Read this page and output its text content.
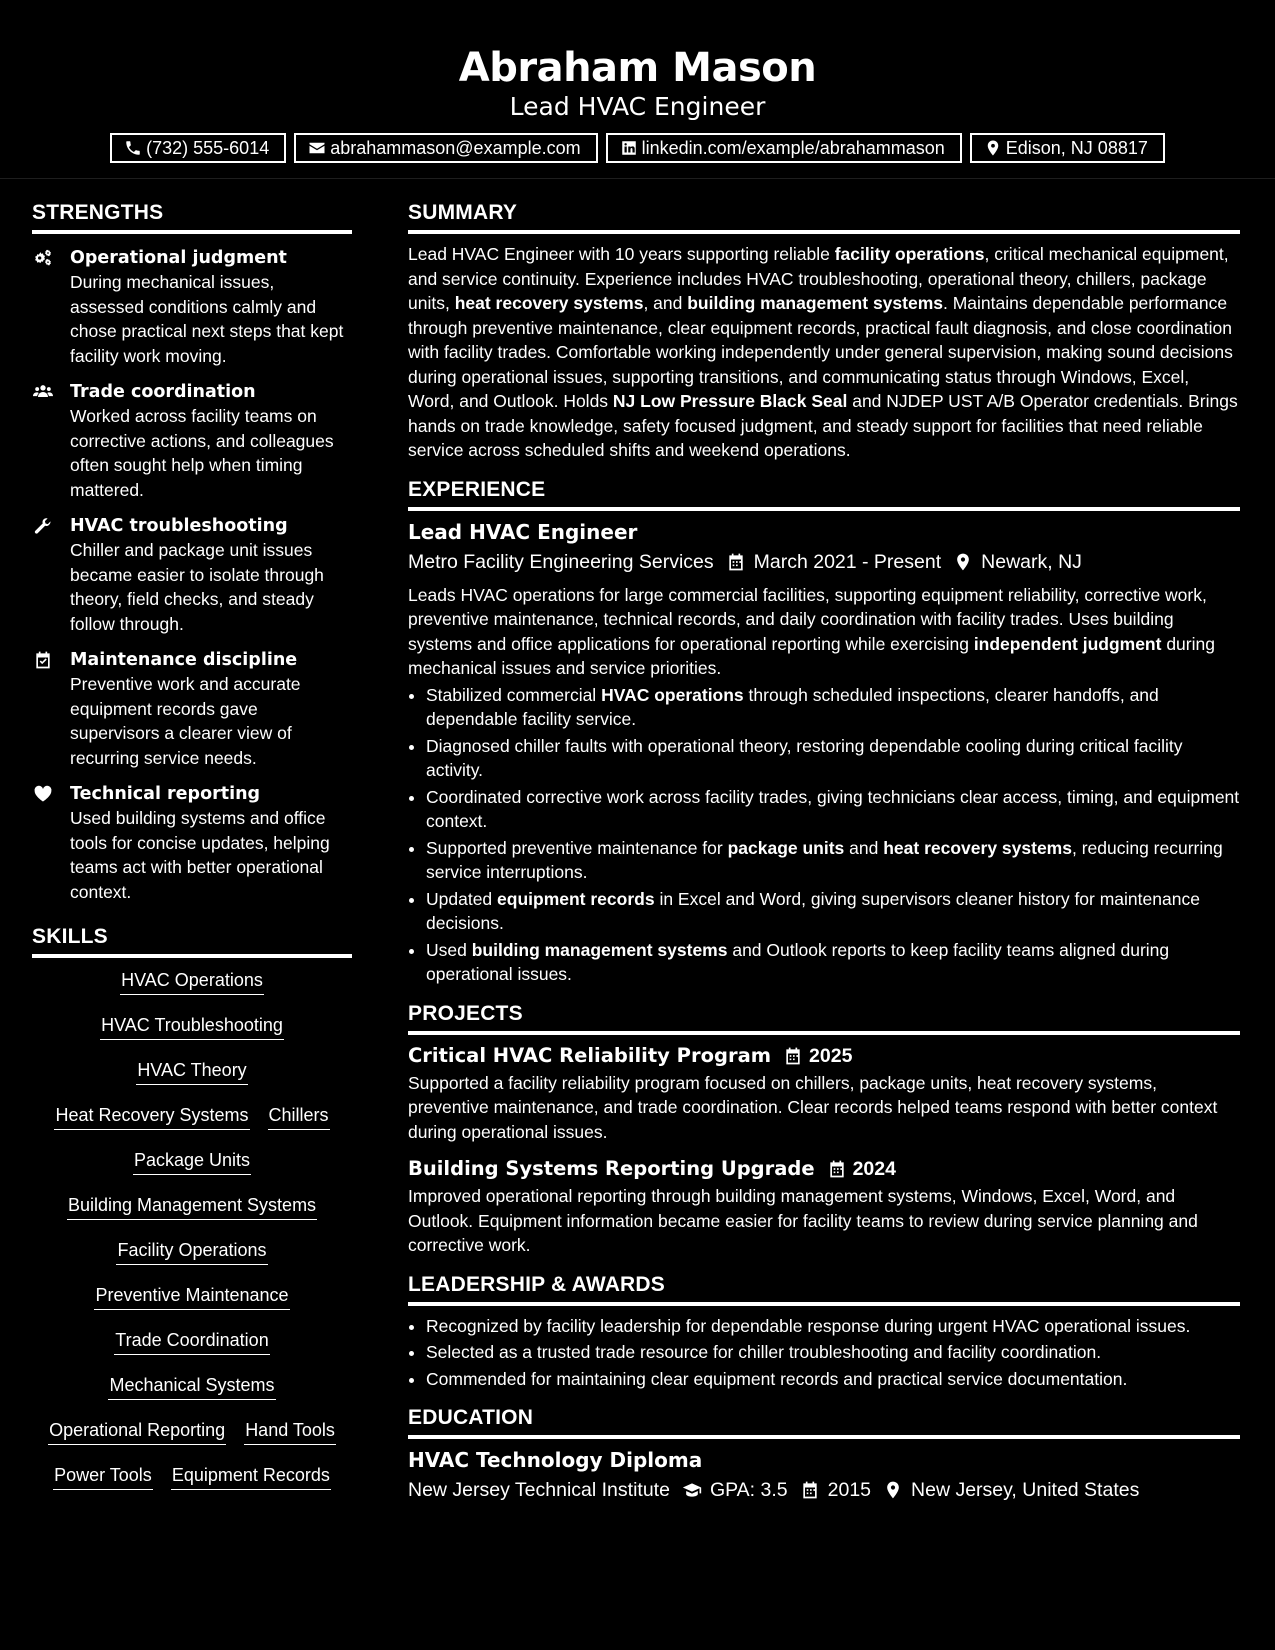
Abraham Mason
Lead HVAC Engineer
(732) 555-6014	abrahammason@example.com	linkedin.com/example/abrahammason	Edison, NJ 08817
STRENGTHS
Operational judgment
During mechanical issues, assessed conditions calmly and chose practical next steps that kept facility work moving.
Trade coordination
Worked across facility teams on corrective actions, and colleagues often sought help when timing mattered.
HVAC troubleshooting
Chiller and package unit issues became easier to isolate through theory, field checks, and steady follow through.
Maintenance discipline
Preventive work and accurate equipment records gave supervisors a clearer view of recurring service needs.
Technical reporting
Used building systems and office tools for concise updates, helping teams act with better operational context.
SKILLS
HVAC Operations
HVAC Troubleshooting
HVAC Theory
Heat Recovery Systems Chillers
Package Units
Building Management Systems
Facility Operations
Preventive Maintenance
Trade Coordination
Mechanical Systems
Operational Reporting Hand Tools
Power Tools Equipment Records
SUMMARY
Lead HVAC Engineer with 10 years supporting reliable facility operations, critical mechanical equipment, and service continuity. Experience includes HVAC troubleshooting, operational theory, chillers, package units, heat recovery systems, and building management systems. Maintains dependable performance through preventive maintenance, clear equipment records, practical fault diagnosis, and close coordination with facility trades. Comfortable working independently under general supervision, making sound decisions during operational issues, supporting transitions, and communicating status through Windows, Excel, Word, and Outlook. Holds NJ Low Pressure Black Seal and NJDEP UST A/B Operator credentials. Brings hands on trade knowledge, safety focused judgment, and steady support for facilities that need reliable service across scheduled shifts and weekend operations.
EXPERIENCE
Lead HVAC Engineer
Metro Facility Engineering Services March 2021 - Present Newark, NJ
Leads HVAC operations for large commercial facilities, supporting equipment reliability, corrective work, preventive maintenance, technical records, and daily coordination with facility trades. Uses building systems and office applications for operational reporting while exercising independent judgment during mechanical issues and service priorities.
• Stabilized commercial HVAC operations through scheduled inspections, clearer handoffs, and dependable facility service.
• Diagnosed chiller faults with operational theory, restoring dependable cooling during critical facility activity.
• Coordinated corrective work across facility trades, giving technicians clear access, timing, and equipment context.
• Supported preventive maintenance for package units and heat recovery systems, reducing recurring service interruptions.
• Updated equipment records in Excel and Word, giving supervisors cleaner history for maintenance decisions.
• Used building management systems and Outlook reports to keep facility teams aligned during operational issues.
PROJECTS
Critical HVAC Reliability Program 2025
Supported a facility reliability program focused on chillers, package units, heat recovery systems, preventive maintenance, and trade coordination. Clear records helped teams respond with better context during operational issues.
Building Systems Reporting Upgrade 2024
Improved operational reporting through building management systems, Windows, Excel, Word, and Outlook. Equipment information became easier for facility teams to review during service planning and corrective work.
LEADERSHIP & AWARDS
• Recognized by facility leadership for dependable response during urgent HVAC operational issues.
• Selected as a trusted trade resource for chiller troubleshooting and facility coordination.
• Commended for maintaining clear equipment records and practical service documentation.
EDUCATION
HVAC Technology Diploma
New Jersey Technical Institute GPA: 3.5 2015 New Jersey, United States
